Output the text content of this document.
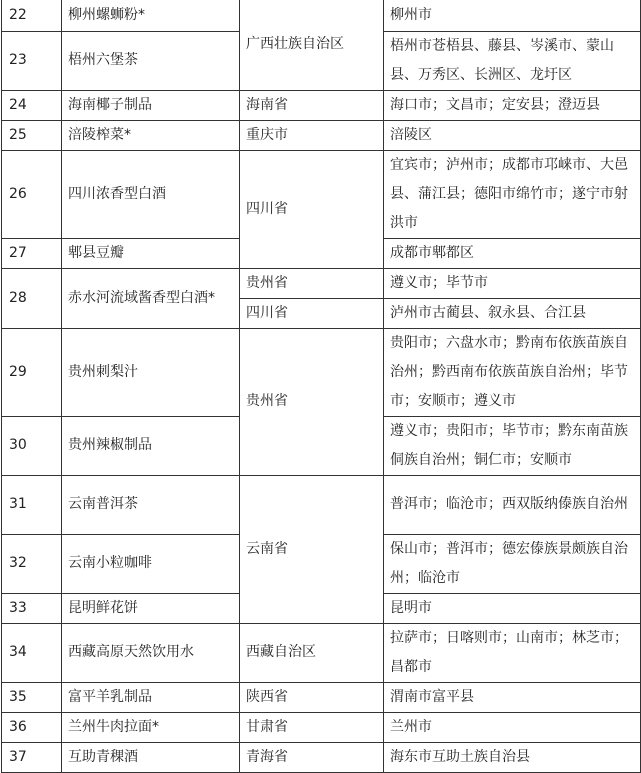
22	柳州螺蛳粉*	广西壮族自治区	柳州市
23	梧州六堡茶		梧州市苍梧县、藤县、岑溪市、蒙山县、万秀区、长洲区、龙圩区
24	海南椰子制品	海南省	海口市；文昌市；定安县；澄迈县
25	涪陵榨菜*	重庆市	涪陵区
26	四川浓香型白酒	四川省	宜宾市；泸州市；成都市邛崃市、大邑县、蒲江县；德阳市绵竹市；遂宁市射洪市
27	郫县豆瓣		成都市郫都区
28	赤水河流域酱香型白酒*	贵州省	遵义市；毕节市
		四川省	泸州市古蔺县、叙永县、合江县
29	贵州刺梨汁	贵州省	贵阳市；六盘水市；黔南布依族苗族自治州；黔西南布依族苗族自治州；毕节市；安顺市；遵义市
30	贵州辣椒制品		遵义市；贵阳市；毕节市；黔东南苗族侗族自治州；铜仁市；安顺市
31	云南普洱茶	云南省	普洱市；临沧市；西双版纳傣族自治州
32	云南小粒咖啡		保山市；普洱市；德宏傣族景颇族自治州；临沧市
33	昆明鲜花饼		昆明市
34	西藏高原天然饮用水	西藏自治区	拉萨市；日喀则市；山南市；林芝市；昌都市
35	富平羊乳制品	陕西省	渭南市富平县
36	兰州牛肉拉面*	甘肃省	兰州市
37	互助青稞酒	青海省	海东市互助土族自治县
